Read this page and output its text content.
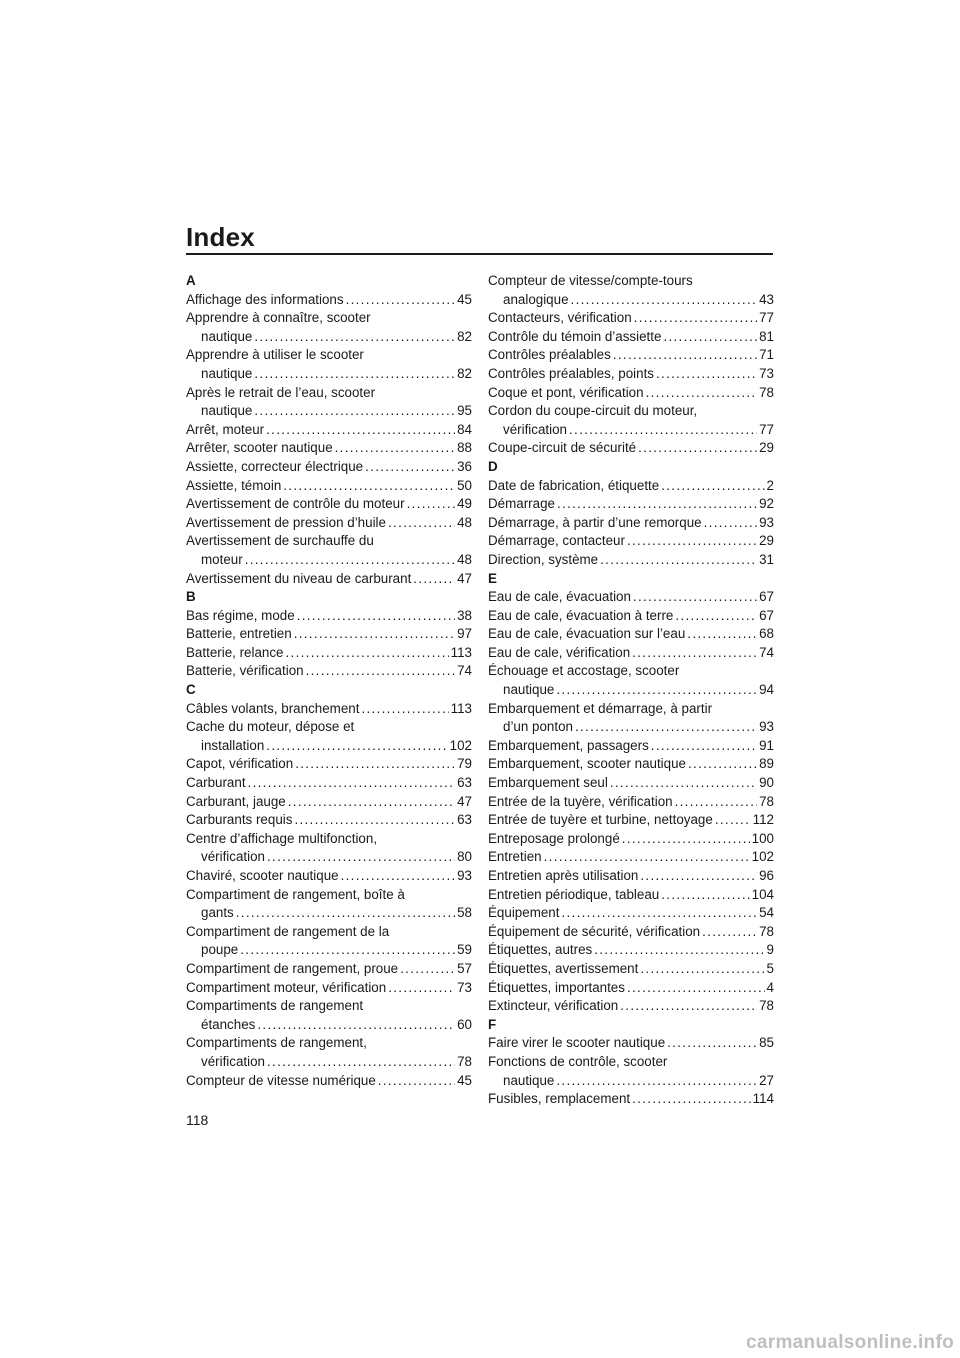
Index
A
Affichage des informations . . .	45
Apprendre à connaître, scooter
nautique . . .	82
Apprendre à utiliser le scooter
nautique . . .	82
Après le retrait de l’eau, scooter
nautique . . .	95
Arrêt, moteur . . .	84
Arrêter, scooter nautique . . .	88
Assiette, correcteur électrique . . .	36
Assiette, témoin . . .	50
Avertissement de contrôle du moteur . . .	49
Avertissement de pression d’huile . . .	48
Avertissement de surchauffe du
moteur . . .	48
Avertissement du niveau de carburant . . .	47
B
Bas régime, mode . . .	38
Batterie, entretien . . .	97
Batterie, relance . . .	113
Batterie, vérification . . .	74
C
Câbles volants, branchement . . .	113
Cache du moteur, dépose et
installation . . .	102
Capot, vérification . . .	79
Carburant . . .	63
Carburant, jauge . . .	47
Carburants requis . . .	63
Centre d’affichage multifonction,
vérification . . .	80
Chaviré, scooter nautique . . .	93
Compartiment de rangement, boîte à
gants . . .	58
Compartiment de rangement de la
poupe . . .	59
Compartiment de rangement, proue . . .	57
Compartiment moteur, vérification . . .	73
Compartiments de rangement
étanches . . .	60
Compartiments de rangement,
vérification . . .	78
Compteur de vitesse numérique . . .	45
Compteur de vitesse/compte-tours
analogique . . .	43
Contacteurs, vérification . . .	77
Contrôle du témoin d’assiette . . .	81
Contrôles préalables . . .	71
Contrôles préalables, points . . .	73
Coque et pont, vérification . . .	78
Cordon du coupe-circuit du moteur,
vérification . . .	77
Coupe-circuit de sécurité . . .	29
D
Date de fabrication, étiquette . . .	2
Démarrage . . .	92
Démarrage, à partir d’une remorque . . .	93
Démarrage, contacteur . . .	29
Direction, système . . .	31
E
Eau de cale, évacuation . . .	67
Eau de cale, évacuation à terre . . .	67
Eau de cale, évacuation sur l’eau . . .	68
Eau de cale, vérification . . .	74
Échouage et accostage, scooter
nautique . . .	94
Embarquement et démarrage, à partir
d’un ponton . . .	93
Embarquement, passagers . . .	91
Embarquement, scooter nautique . . .	89
Embarquement seul . . .	90
Entrée de la tuyère, vérification . . .	78
Entrée de tuyère et turbine, nettoyage . . .	112
Entreposage prolongé . . .	100
Entretien . . .	102
Entretien après utilisation . . .	96
Entretien périodique, tableau . . .	104
Équipement . . .	54
Équipement de sécurité, vérification . . .	78
Étiquettes, autres . . .	9
Étiquettes, avertissement . . .	5
Étiquettes, importantes . . .	4
Extincteur, vérification . . .	78
F
Faire virer le scooter nautique . . .	85
Fonctions de contrôle, scooter
nautique . . .	27
Fusibles, remplacement . . .	114
118
carmanualsonline.info
